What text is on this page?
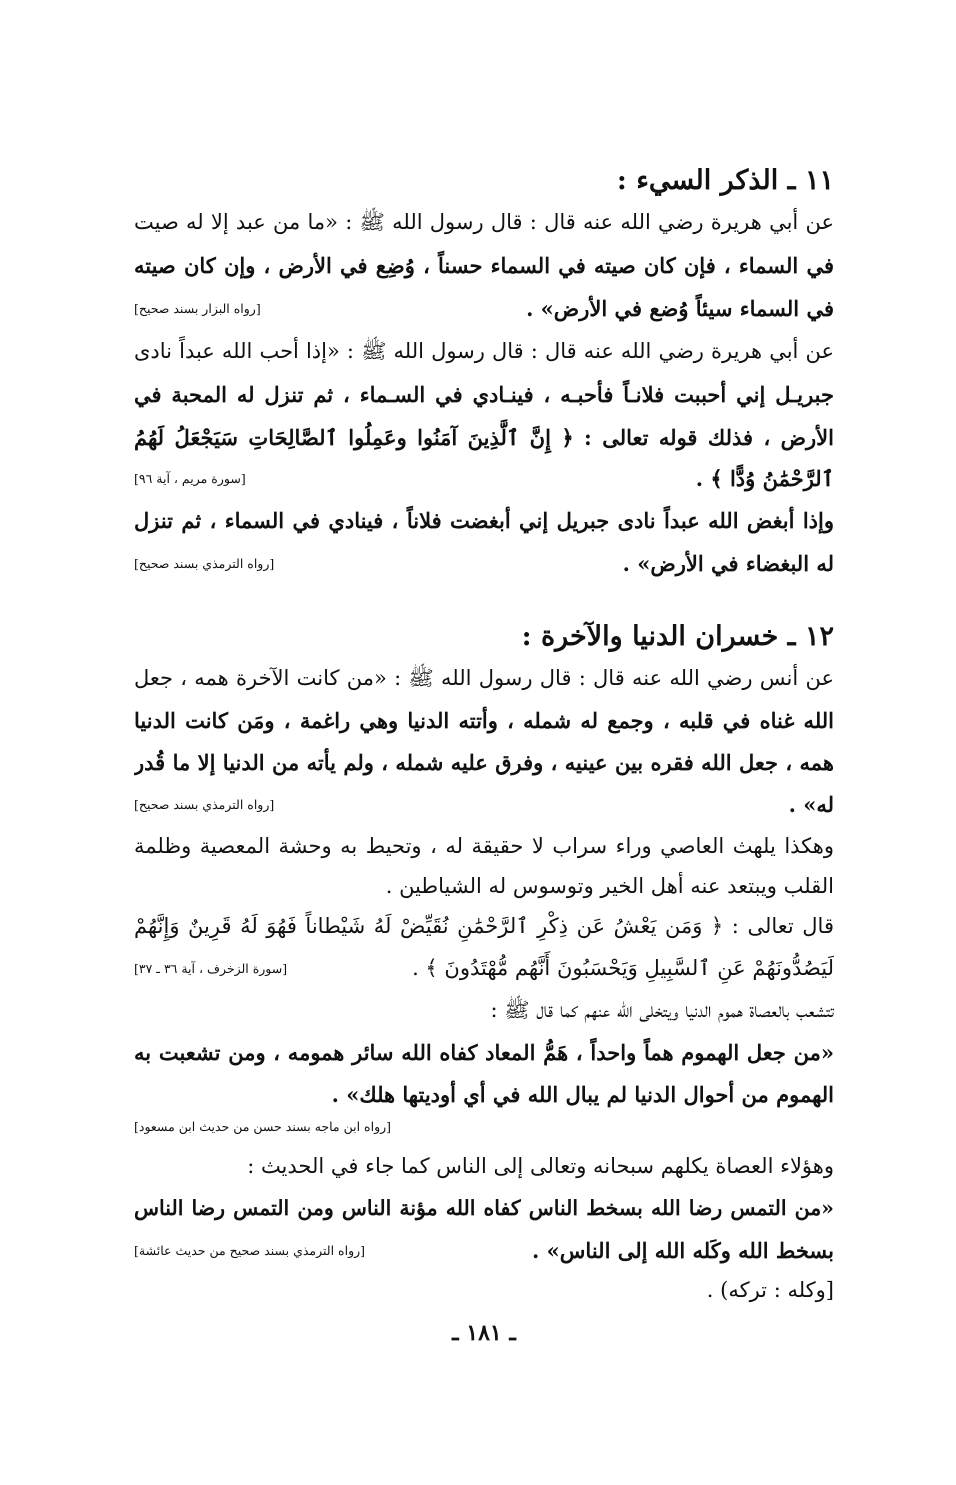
١١ ـ الذكر السيء :
عن أبي هريرة رضي الله عنه قال : قال رسول الله ﷺ : «ما من عبد إلا له صيت
في السماء ، فإن كان صيته في السماء حسناً ، وُضِع في الأرض ، وإن كان صيته
في السماء سيئاً وُضع في الأرض» .
[رواه البزار بسند صحيح]
عن أبي هريرة رضي الله عنه قال : قال رسول الله ﷺ : «إذا أحب الله عبداً نادى
جبريـل إني أحببت فلانـاً فأحبـه ، فينـادي في السـماء ، ثم تنزل له المحبة في
الأرض ، فذلك قوله تعالى : ﴿ إِنَّ ٱلَّذِينَ آمَنُوا وعَمِلُوا ٱلصَّالِحَاتِ سَيَجْعَلُ لَهُمُ
ٱلرَّحْمَٰنُ وُدًّا ﴾ .
[سورة مريم ، آية ٩٦]
وإذا أبغض الله عبداً نادى جبريل إني أبغضت فلاناً ، فينادي في السماء ، ثم تنزل
له البغضاء في الأرض» .
[رواه الترمذي بسند صحيح]
١٢ ـ خسران الدنيا والآخرة :
عن أنس رضي الله عنه قال : قال رسول الله ﷺ : «من كانت الآخرة همه ، جعل
الله غناه في قلبه ، وجمع له شمله ، وأتته الدنيا وهي راغمة ، ومَن كانت الدنيا
همه ، جعل الله فقره بين عينيه ، وفرق عليه شمله ، ولم يأته من الدنيا إلا ما قُدر
له» .
[رواه الترمذي بسند صحيح]
وهكذا يلهث العاصي وراء سراب لا حقيقة له ، وتحيط به وحشة المعصية وظلمة
القلب ويبتعد عنه أهل الخير وتوسوس له الشياطين .
قال تعالى : ﴿ وَمَن يَعْشُ عَن ذِكْرِ ٱلرَّحْمَٰنِ نُقَيِّضْ لَهُ شَيْطاناً فَهُوَ لَهُ قَرِينٌ وَإِنَّهُمْ
لَيَصُدُّونَهُمْ عَنِ ٱلسَّبِيلِ وَيَحْسَبُونَ أَنَّهُم مُّهْتَدُونَ ﴾ .
[سورة الزخرف ، آية ٣٦ ـ ٣٧]
تتشعب بالعصاة هموم الدنيا ويتخلى الله عنهم كما قال ﷺ :
«من جعل الهموم هماً واحداً ، هَمُّ المعاد كفاه الله سائر همومه ، ومن تشعبت به
الهموم من أحوال الدنيا لم يبال الله في أي أوديتها هلك» .
[رواه ابن ماجه بسند حسن من حديث ابن مسعود]
وهؤلاء العصاة يكلهم سبحانه وتعالى إلى الناس كما جاء في الحديث :
«من التمس رضا الله بسخط الناس كفاه الله مؤنة الناس ومن التمس رضا الناس
بسخط الله وكَله الله إلى الناس» .
[رواه الترمذي بسند صحيح من حديث عائشة]
[وكله : تركه) .
ـ ١٨١ ـ
